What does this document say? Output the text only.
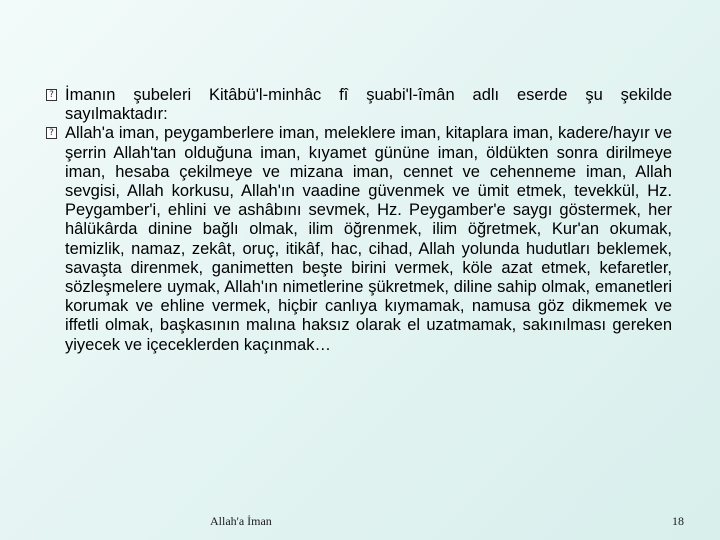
? İmanın şubeleri Kitâbü'l-minhâc fî şuabi'l-îmân adlı eserde şu şekilde sayılmaktadır:
? Allah'a iman, peygamberlere iman, meleklere iman, kitaplara iman, kadere/hayır ve şerrin Allah'tan olduğuna iman, kıyamet gününe iman, öldükten sonra dirilmeye iman, hesaba çekilmeye ve mizana iman, cennet ve cehenneme iman, Allah sevgisi, Allah korkusu, Allah'ın vaadine güvenmek ve ümit etmek, tevekkül, Hz. Peygamber'i, ehlini ve ashâbını sevmek, Hz. Peygamber'e saygı göstermek, her hâlükârda dinine bağlı olmak, ilim öğrenmek, ilim öğretmek, Kur'an okumak, temizlik, namaz, zekât, oruç, itikâf, hac, cihad, Allah yolunda hudutları beklemek, savaşta direnmek, ganimetten beşte birini vermek, köle azat etmek, kefaretler, sözleşmelere uymak, Allah'ın nimetlerine şükretmek, diline sahip olmak, emanetleri korumak ve ehline vermek, hiçbir canlıya kıymamak, namusa göz dikmemek ve iffetli olmak, başkasının malına haksız olarak el uzatmamak, sakınılması gereken yiyecek ve içeceklerden kaçınmak…
Allah'a İman	18
